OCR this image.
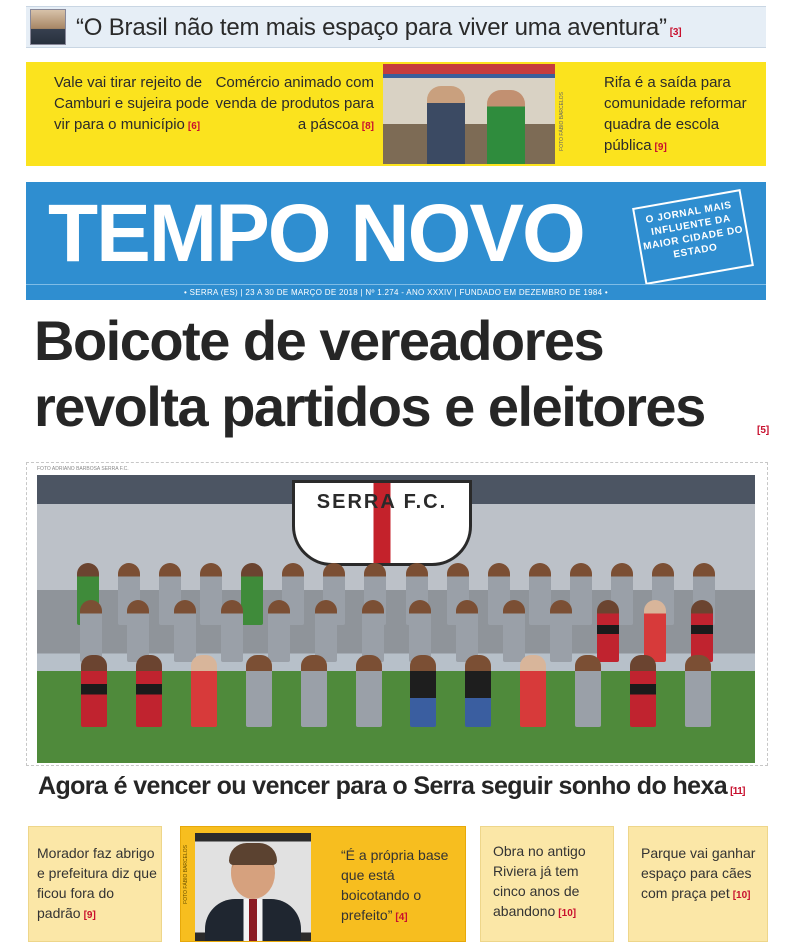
“O Brasil não tem mais espaço para viver uma aventura” [3]
Vale vai tirar rejeito de Camburi e sujeira pode vir para o município [6]
Comércio animado com venda de produtos para a páscoa [8]	FOTO FÁBIO BARCELOS
Rifa é a saída para comunidade reformar quadra de escola pública [9]
TEMPO NOVO	O JORNAL MAIS INFLUENTE DA MAIOR CIDADE DO ESTADO
• SERRA (ES) | 23 A 30 DE MARÇO DE 2018 | Nº 1.274 - ANO XXXIV | FUNDADO EM DEZEMBRO DE 1984 •
Boicote de vereadores
revolta partidos e eleitores	[5]
FOTO ADRIANO BARBOSA SERRA F.C.
SERRA F.C.
Agora é vencer ou vencer para o Serra seguir sonho do hexa [11]
Morador faz abrigo e prefeitura diz que ficou fora do padrão [9]
FOTO FÁBIO BARCELOS	“É a própria base que está boicotando o prefeito” [4]
Obra no antigo Riviera já tem cinco anos de abandono [10]
Parque vai ganhar espaço para cães com praça pet [10]
